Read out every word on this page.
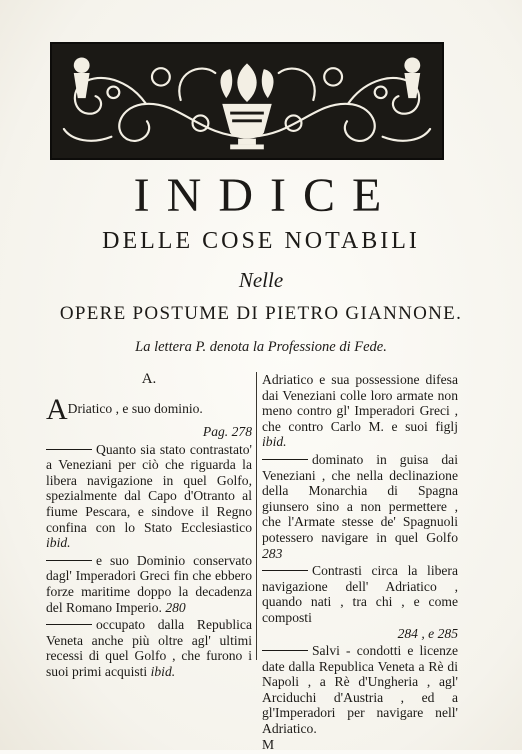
INDICE
DELLE COSE NOTABILI
Nelle
OPERE POSTUME DI PIETRO GIANNONE.
La lettera P. denota la Professione di Fede.
A.
ADriatico , e suo dominio.
Pag. 278
Quanto sia stato contrastato' a Veneziani per ciò che riguarda la libera navigazione in quel Golfo, spezialmente dal Capo d'Otranto al fiume Pescara, e sindove il Regno confina con lo Stato Ecclesiastico ibid.
e suo Dominio conservato dagl' Imperadori Greci fin che ebbero forze maritime doppo la decadenza del Romano Imperio. 280
occupato dalla Republica Veneta anche più oltre agl' ultimi recessi di quel Golfo , che furono i suoi primi acquisti ibid.
Adriatico e sua possessione difesa dai Veneziani colle loro armate non meno contro gl' Imperadori Greci , che contro Carlo M. e suoi figlj ibid.
dominato in guisa dai Veneziani , che nella declinazione della Monarchia di Spagna giunsero sino a non permettere , che l'Armate stesse de' Spagnuoli potessero navigare in quel Golfo 283
Contrasti circa la libera navigazione dell' Adriatico , quando nati , tra chi , e come composti
284 , e 285
Salvi - condotti e licenze date dalla Republica Veneta a Rè di Napoli , a Rè d'Ungheria , agl' Arciduchi d'Austria , ed a gl'Imperadori per navigare nell' Adriatico.
M
